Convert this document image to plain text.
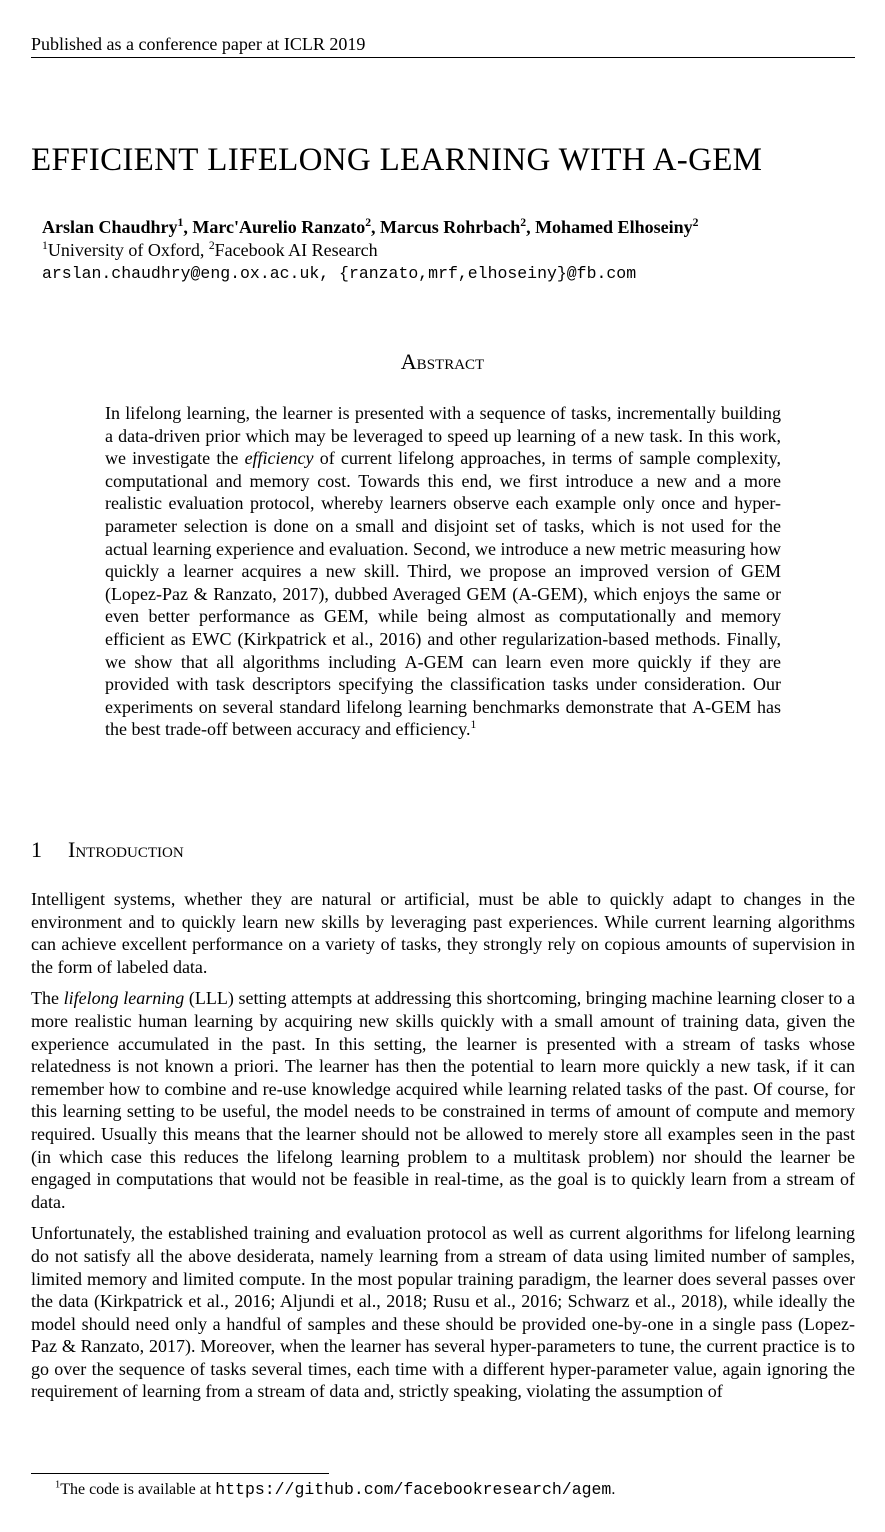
Published as a conference paper at ICLR 2019
EFFICIENT LIFELONG LEARNING WITH A-GEM
Arslan Chaudhry$^1$, Marc'Aurelio Ranzato$^2$, Marcus Rohrbach$^2$, Mohamed Elhoseiny$^2$
$^1$University of Oxford, $^2$Facebook AI Research
arslan.chaudhry@eng.ox.ac.uk, {ranzato,mrf,elhoseiny}@fb.com
Abstract
In lifelong learning, the learner is presented with a sequence of tasks, incrementally building a data-driven prior which may be leveraged to speed up learning of a new task. In this work, we investigate the efficiency of current lifelong approaches, in terms of sample complexity, computational and memory cost. Towards this end, we first introduce a new and a more realistic evaluation protocol, whereby learners observe each example only once and hyper-parameter selection is done on a small and disjoint set of tasks, which is not used for the actual learning experience and evaluation. Second, we introduce a new metric measuring how quickly a learner acquires a new skill. Third, we propose an improved version of GEM (Lopez-Paz & Ranzato, 2017), dubbed Averaged GEM (A-GEM), which enjoys the same or even better performance as GEM, while being almost as computationally and memory efficient as EWC (Kirkpatrick et al., 2016) and other regularization-based methods. Finally, we show that all algorithms including A-GEM can learn even more quickly if they are provided with task descriptors specifying the classification tasks under consideration. Our experiments on several standard lifelong learning benchmarks demonstrate that A-GEM has the best trade-off between accuracy and efficiency.$^1$
1 Introduction

Intelligent systems, whether they are natural or artificial, must be able to quickly adapt to changes in the environment and to quickly learn new skills by leveraging past experiences. While current learning algorithms can achieve excellent performance on a variety of tasks, they strongly rely on copious amounts of supervision in the form of labeled data.

The lifelong learning (LLL) setting attempts at addressing this shortcoming, bringing machine learning closer to a more realistic human learning by acquiring new skills quickly with a small amount of training data, given the experience accumulated in the past. In this setting, the learner is presented with a stream of tasks whose relatedness is not known a priori. The learner has then the potential to learn more quickly a new task, if it can remember how to combine and re-use knowledge acquired while learning related tasks of the past. Of course, for this learning setting to be useful, the model needs to be constrained in terms of amount of compute and memory required. Usually this means that the learner should not be allowed to merely store all examples seen in the past (in which case this reduces the lifelong learning problem to a multitask problem) nor should the learner be engaged in computations that would not be feasible in real-time, as the goal is to quickly learn from a stream of data.

Unfortunately, the established training and evaluation protocol as well as current algorithms for lifelong learning do not satisfy all the above desiderata, namely learning from a stream of data using limited number of samples, limited memory and limited compute. In the most popular training paradigm, the learner does several passes over the data (Kirkpatrick et al., 2016; Aljundi et al., 2018; Rusu et al., 2016; Schwarz et al., 2018), while ideally the model should need only a handful of samples and these should be provided one-by-one in a single pass (Lopez-Paz & Ranzato, 2017). Moreover, when the learner has several hyper-parameters to tune, the current practice is to go over the sequence of tasks several times, each time with a different hyper-parameter value, again ignoring the requirement of learning from a stream of data and, strictly speaking, violating the assumption of

$^1$The code is available at https://github.com/facebookresearch/agem.
